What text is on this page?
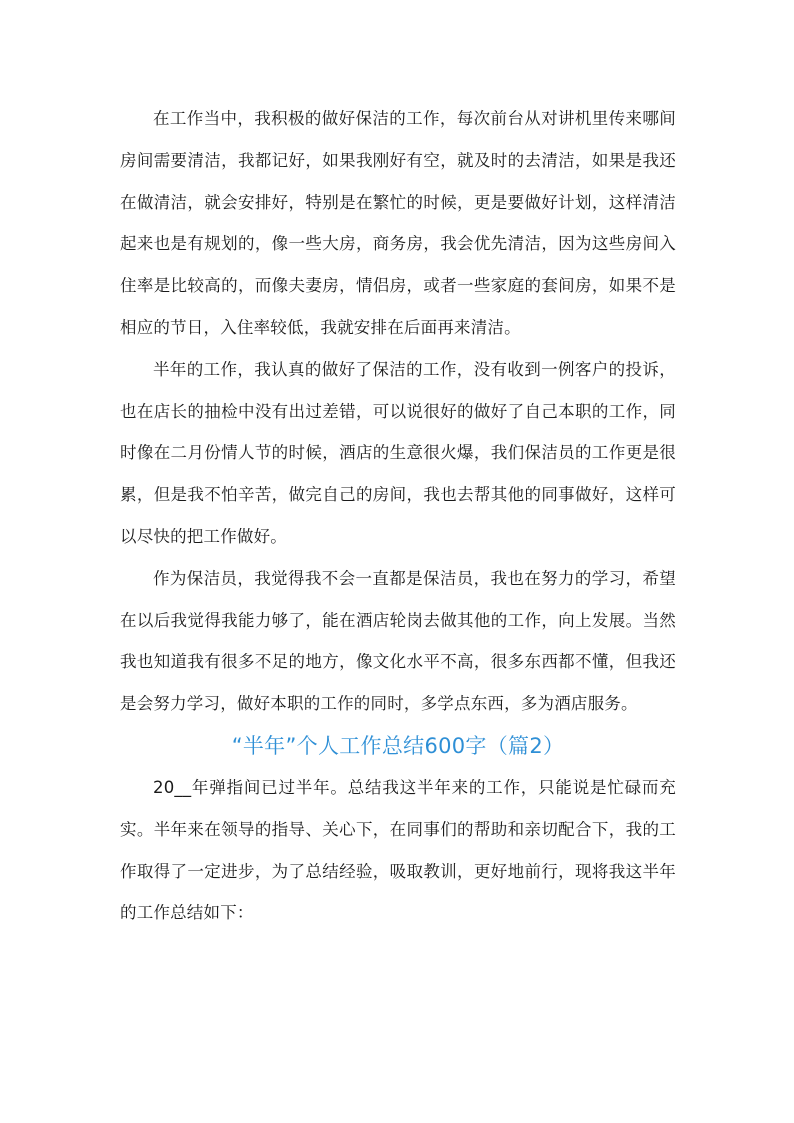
在工作当中，我积极的做好保洁的工作，每次前台从对讲机里传来哪间房间需要清洁，我都记好，如果我刚好有空，就及时的去清洁，如果是我还在做清洁，就会安排好，特别是在繁忙的时候，更是要做好计划，这样清洁起来也是有规划的，像一些大房，商务房，我会优先清洁，因为这些房间入住率是比较高的，而像夫妻房，情侣房，或者一些家庭的套间房，如果不是相应的节日，入住率较低，我就安排在后面再来清洁。

半年的工作，我认真的做好了保洁的工作，没有收到一例客户的投诉，也在店长的抽检中没有出过差错，可以说很好的做好了自己本职的工作，同时像在二月份情人节的时候，酒店的生意很火爆，我们保洁员的工作更是很累，但是我不怕辛苦，做完自己的房间，我也去帮其他的同事做好，这样可以尽快的把工作做好。

作为保洁员，我觉得我不会一直都是保洁员，我也在努力的学习，希望在以后我觉得我能力够了，能在酒店轮岗去做其他的工作，向上发展。当然我也知道我有很多不足的地方，像文化水平不高，很多东西都不懂，但我还是会努力学习，做好本职的工作的同时，多学点东西，多为酒店服务。

“半年”个人工作总结600字（篇2）

20__年弹指间已过半年。总结我这半年来的工作，只能说是忙碌而充实。半年来在领导的指导、关心下，在同事们的帮助和亲切配合下，我的工作取得了一定进步，为了总结经验，吸取教训，更好地前行，现将我这半年的工作总结如下：
